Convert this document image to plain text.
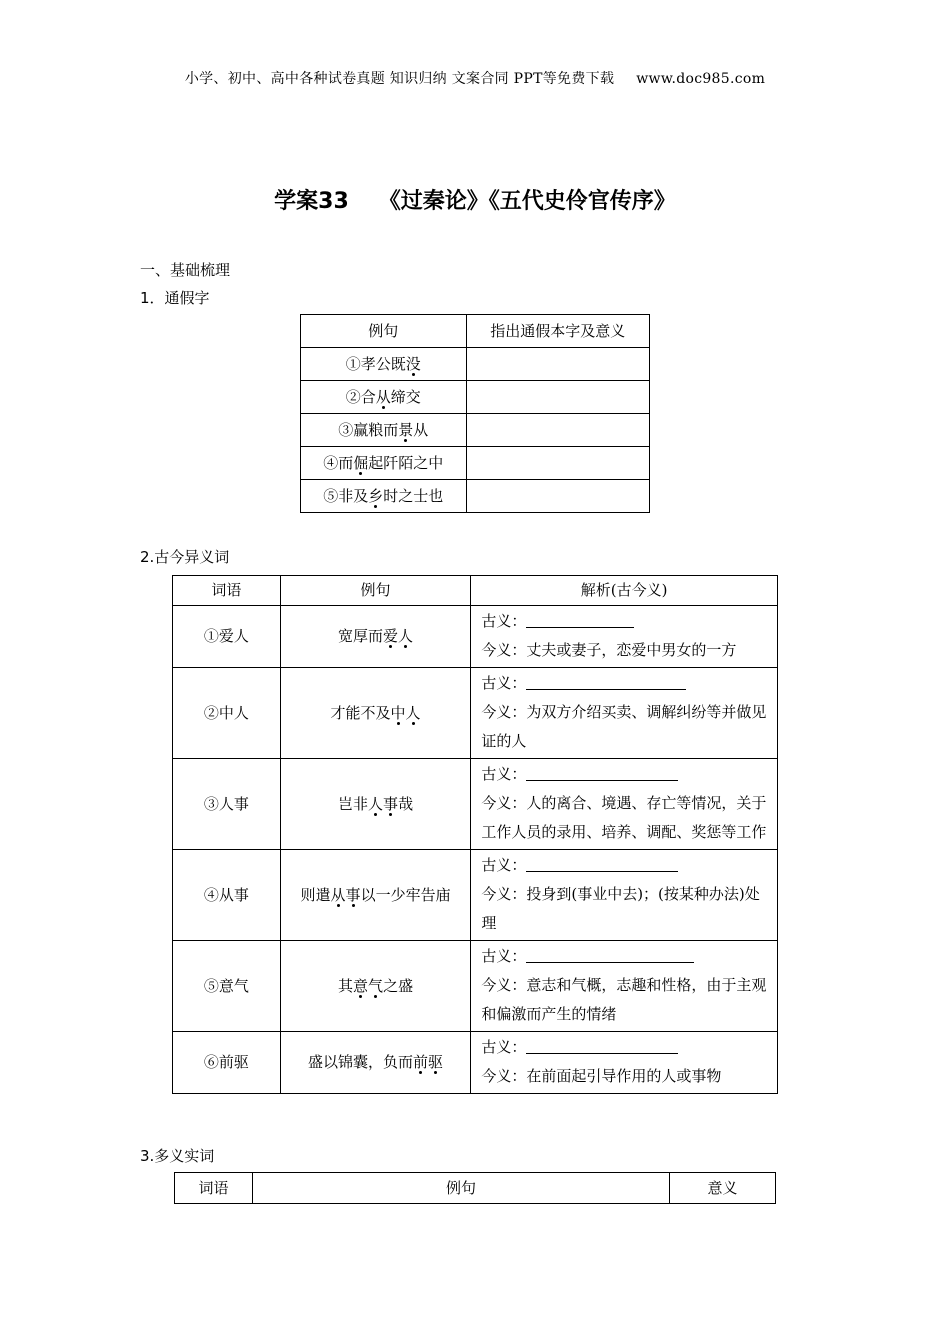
小学、初中、高中各种试卷真题 知识归纳 文案合同 PPT等免费下载 www.doc985.com
学案33 《过秦论》《五代史伶官传序》
一、基础梳理
1．通假字
例句	指出通假本字及意义
①孝公既没	
②合从缔交	
③赢粮而景从	
④而倔起阡陌之中	
⑤非及乡时之士也	
2.古今异义词
词语	例句	解析(古今义)
①爱人	宽厚而爱人	古义：
今义：丈夫或妻子，恋爱中男女的一方

②中人	才能不及中人	古义：
今义：为双方介绍买卖、调解纠纷等并做见证的人

③人事	岂非人事哉	古义：
今义：人的离合、境遇、存亡等情况，关于工作人员的录用、培养、调配、奖惩等工作

④从事	则遣从事以一少牢告庙	古义：
今义：投身到(事业中去)；(按某种办法)处理

⑤意气	其意气之盛	古义：
今义：意志和气概，志趣和性格，由于主观和偏激而产生的情绪

⑥前驱	盛以锦囊，负而前驱	古义：
今义：在前面起引导作用的人或事物
3.多义实词
词语	例句	意义
